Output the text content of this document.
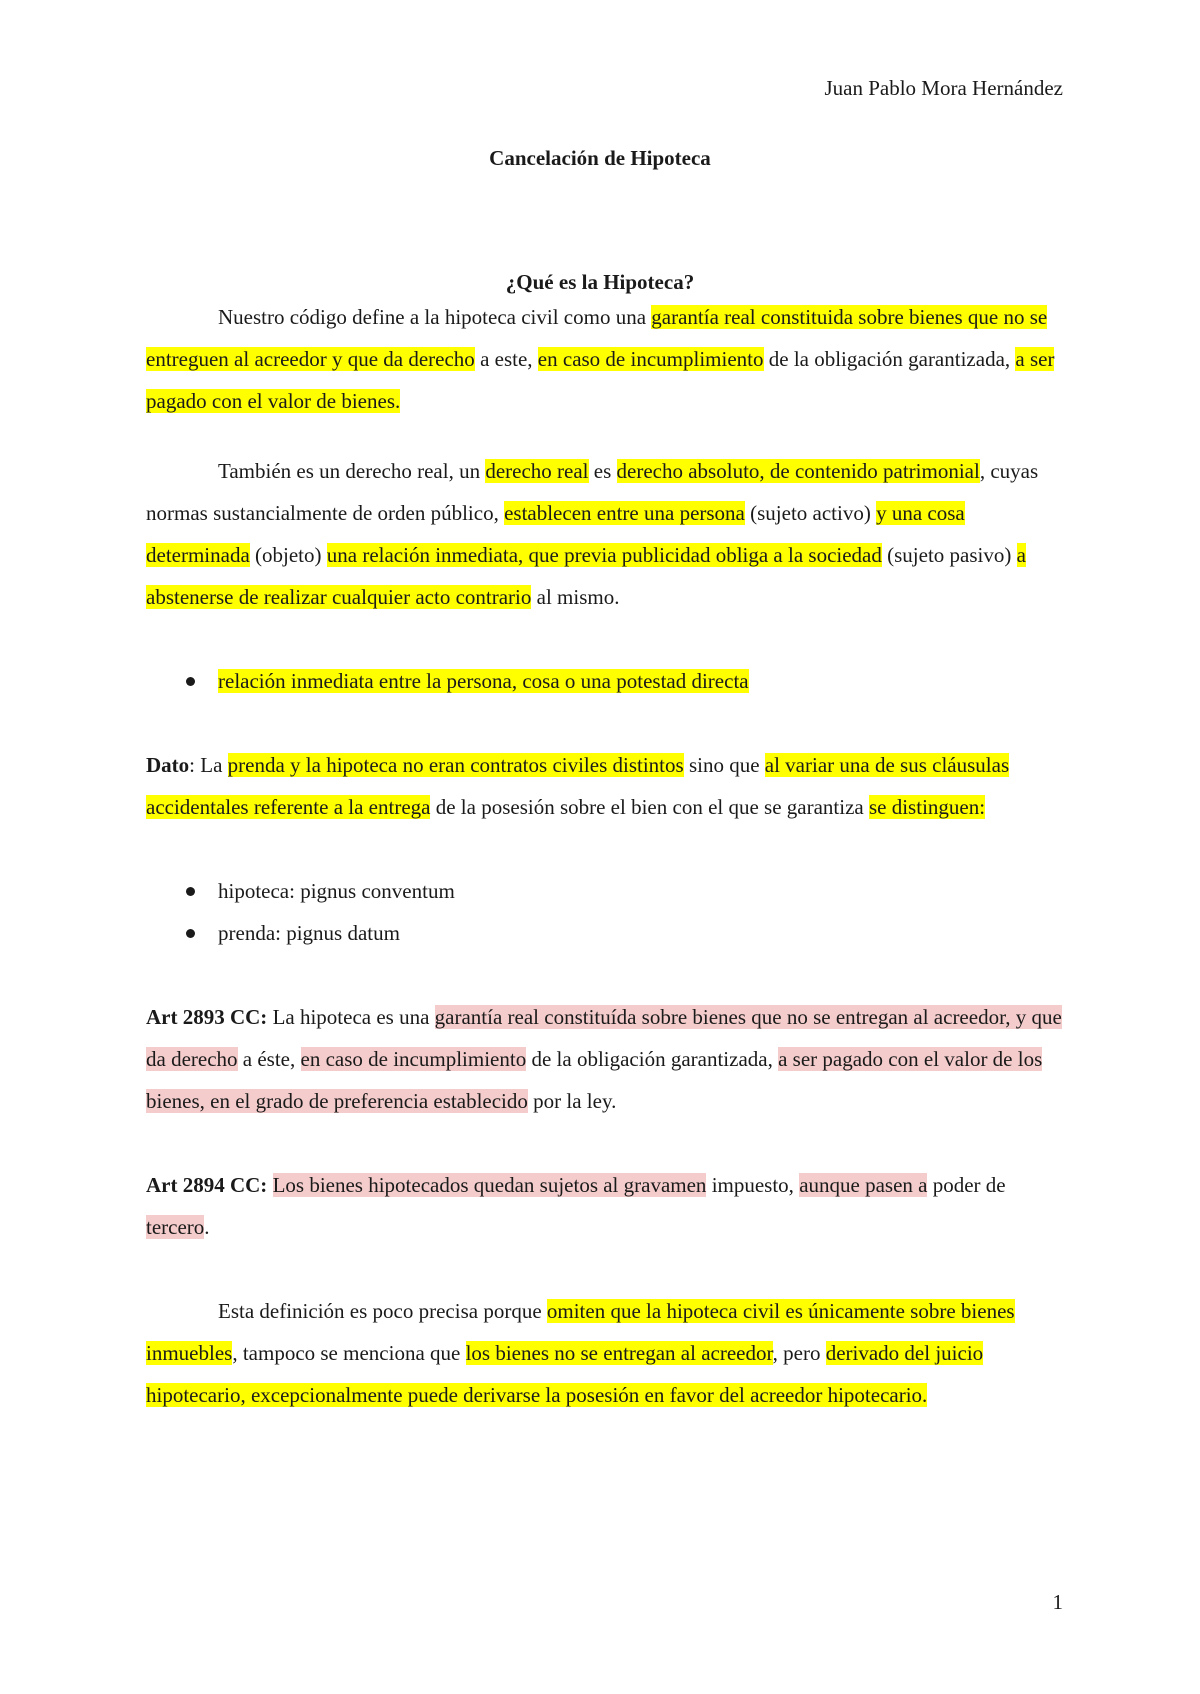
Juan Pablo Mora Hernández
Cancelación de Hipoteca
¿Qué es la Hipoteca?

Nuestro código define a la hipoteca civil como una garantía real constituida sobre bienes que no se entreguen al acreedor y que da derecho a este, en caso de incumplimiento de la obligación garantizada, a ser pagado con el valor de bienes.

También es un derecho real, un derecho real es derecho absoluto, de contenido patrimonial, cuyas normas sustancialmente de orden público, establecen entre una persona (sujeto activo) y una cosa determinada (objeto) una relación inmediata, que previa publicidad obliga a la sociedad (sujeto pasivo) a abstenerse de realizar cualquier acto contrario al mismo.

relación inmediata entre la persona, cosa o una potestad directa

Dato: La prenda y la hipoteca no eran contratos civiles distintos sino que al variar una de sus cláusulas accidentales referente a la entrega de la posesión sobre el bien con el que se garantiza se distinguen:

hipoteca: pignus conventum
prenda: pignus datum

Art 2893 CC: La hipoteca es una garantía real constituída sobre bienes que no se entregan al acreedor, y que da derecho a éste, en caso de incumplimiento de la obligación garantizada, a ser pagado con el valor de los bienes, en el grado de preferencia establecido por la ley.

Art 2894 CC: Los bienes hipotecados quedan sujetos al gravamen impuesto, aunque pasen a poder de tercero.

Esta definición es poco precisa porque omiten que la hipoteca civil es únicamente sobre bienes inmuebles, tampoco se menciona que los bienes no se entregan al acreedor, pero derivado del juicio hipotecario, excepcionalmente puede derivarse la posesión en favor del acreedor hipotecario.

1
